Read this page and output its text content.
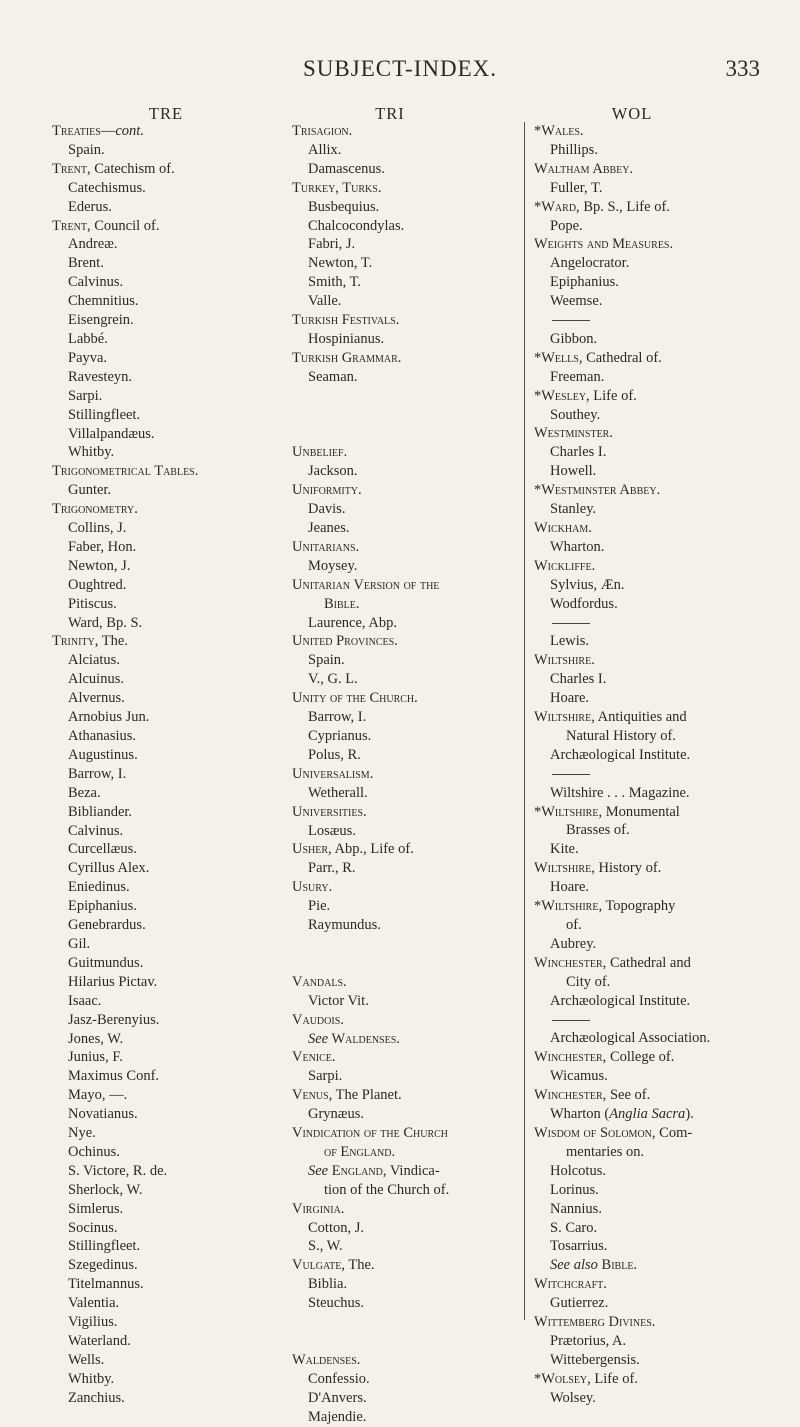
SUBJECT-INDEX.	333
TRE	TRI	WOL
Treaties—cont.
Spain.
Trent, Catechism of.
Catechismus.
Ederus.
Trent, Council of.
Andreæ.
Brent.
Calvinus.
Chemnitius.
Eisengrein.
Labbé.
Payva.
Ravesteyn.
Sarpi.
Stillingfleet.
Villalpandæus.
Whitby.
Trigonometrical Tables.
Gunter.
Trigonometry.
Collins, J.
Faber, Hon.
Newton, J.
Oughtred.
Pitiscus.
Ward, Bp. S.
Trinity, The.
Alciatus.
Alcuinus.
Alvernus.
Arnobius Jun.
Athanasius.
Augustinus.
Barrow, I.
Beza.
Bibliander.
Calvinus.
Curcellæus.
Cyrillus Alex.
Eniedinus.
Epiphanius.
Genebrardus.
Gil.
Guitmundus.
Hilarius Pictav.
Isaac.
Jasz-Berenyius.
Jones, W.
Junius, F.
Maximus Conf.
Mayo, —.
Novatianus.
Nye.
Ochinus.
S. Victore, R. de.
Sherlock, W.
Simlerus.
Socinus.
Stillingfleet.
Szegedinus.
Titelmannus.
Valentia.
Vigilius.
Waterland.
Wells.
Whitby.
Zanchius.
Trisagion.
Allix.
Damascenus.
Turkey, Turks.
Busbequius.
Chalcocondylas.
Fabri, J.
Newton, T.
Smith, T.
Valle.
Turkish Festivals.
Hospinianus.
Turkish Grammar.
Seaman.

Unbelief.
Jackson.
Uniformity.
Davis.
Jeanes.
Unitarians.
Moysey.
Unitarian Version of the
Bible.
Laurence, Abp.
United Provinces.
Spain.
V., G. L.
Unity of the Church.
Barrow, I.
Cyprianus.
Polus, R.
Universalism.
Wetherall.
Universities.
Losæus.
Usher, Abp., Life of.
Parr., R.
Usury.
Pie.
Raymundus.

Vandals.
Victor Vit.
Vaudois.
See Waldenses.
Venice.
Sarpi.
Venus, The Planet.
Grynæus.
Vindication of the Church
of England.
See England, Vindica-
tion of the Church of.
Virginia.
Cotton, J.
S., W.
Vulgate, The.
Biblia.
Steuchus.

Waldenses.
Confessio.
D'Anvers.
Majendie.
*Wales.
Phillips.
Waltham Abbey.
Fuller, T.
*Ward, Bp. S., Life of.
Pope.
Weights and Measures.
Angelocrator.
Epiphanius.
Weemse.
Gibbon.
*Wells, Cathedral of.
Freeman.
*Wesley, Life of.
Southey.
Westminster.
Charles I.
Howell.
*Westminster Abbey.
Stanley.
Wickham.
Wharton.
Wickliffe.
Sylvius, Æn.
Wodfordus.
Lewis.
Wiltshire.
Charles I.
Hoare.
Wiltshire, Antiquities and
Natural History of.
Archæological Institute.
Wiltshire . . . Magazine.
*Wiltshire, Monumental
Brasses of.
Kite.
Wiltshire, History of.
Hoare.
*Wiltshire, Topography
of.
Aubrey.
Winchester, Cathedral and
City of.
Archæological Institute.
Archæological Association.
Winchester, College of.
Wicamus.
Winchester, See of.
Wharton (Anglia Sacra).
Wisdom of Solomon, Com-
mentaries on.
Holcotus.
Lorinus.
Nannius.
S. Caro.
Tosarrius.
See also Bible.
Witchcraft.
Gutierrez.
Wittemberg Divines.
Prætorius, A.
Wittebergensis.
*Wolsey, Life of.
Wolsey.
